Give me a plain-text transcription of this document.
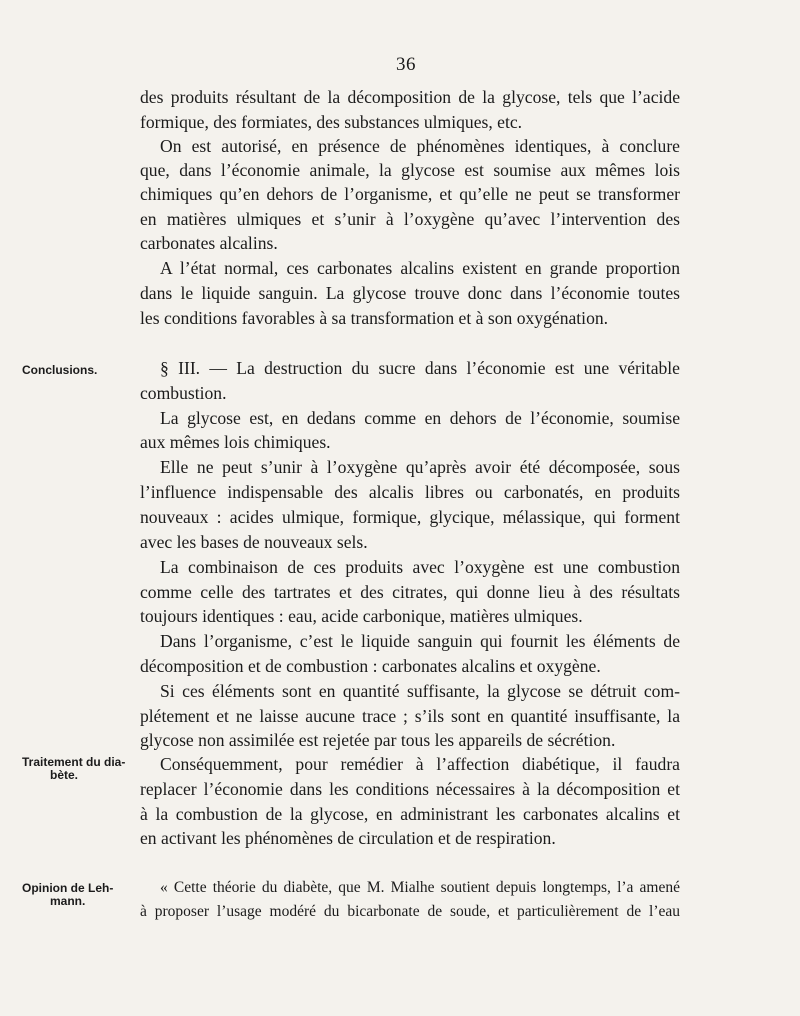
36
Conclusions.
Traitement du dia-
bète.
Opinion de Leh-
mann.
des produits résultant de la décomposition de la glycose, tels que l’acide
formique, des formiates, des substances ulmiques, etc.
On est autorisé, en présence de phénomènes identiques, à conclure
que, dans l’économie animale, la glycose est soumise aux mêmes lois
chimiques qu’en dehors de l’organisme, et qu’elle ne peut se transformer
en matières ulmiques et s’unir à l’oxygène qu’avec l’intervention des
carbonates alcalins.
A l’état normal, ces carbonates alcalins existent en grande proportion
dans le liquide sanguin. La glycose trouve donc dans l’économie toutes
les conditions favorables à sa transformation et à son oxygénation.
§ III. — La destruction du sucre dans l’économie est une véritable
combustion.
La glycose est, en dedans comme en dehors de l’économie, soumise
aux mêmes lois chimiques.
Elle ne peut s’unir à l’oxygène qu’après avoir été décomposée, sous
l’influence indispensable des alcalis libres ou carbonatés, en produits
nouveaux : acides ulmique, formique, glycique, mélassique, qui forment
avec les bases de nouveaux sels.
La combinaison de ces produits avec l’oxygène est une combustion
comme celle des tartrates et des citrates, qui donne lieu à des résultats
toujours identiques : eau, acide carbonique, matières ulmiques.
Dans l’organisme, c’est le liquide sanguin qui fournit les éléments de
décomposition et de combustion : carbonates alcalins et oxygène.
Si ces éléments sont en quantité suffisante, la glycose se détruit com-
plétement et ne laisse aucune trace ; s’ils sont en quantité insuffisante, la
glycose non assimilée est rejetée par tous les appareils de sécrétion.
Conséquemment, pour remédier à l’affection diabétique, il faudra
replacer l’économie dans les conditions nécessaires à la décomposition et
à la combustion de la glycose, en administrant les carbonates alcalins et
en activant les phénomènes de circulation et de respiration.
« Cette théorie du diabète, que M. Mialhe soutient depuis longtemps, l’a amené
à proposer l’usage modéré du bicarbonate de soude, et particulièrement de l’eau
